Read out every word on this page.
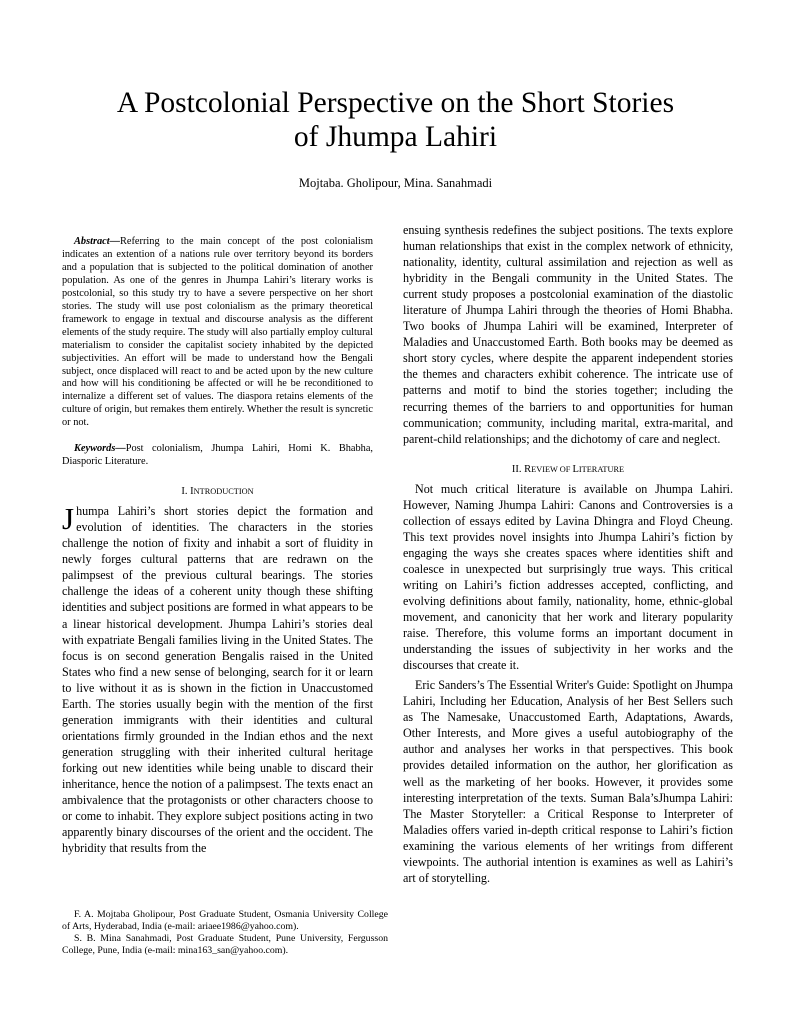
A Postcolonial Perspective on the Short Stories
of Jhumpa Lahiri
Mojtaba. Gholipour, Mina. Sanahmadi

Abstract—Referring to the main concept of the post colonialism indicates an extention of a nations rule over territory beyond its borders and a population that is subjected to the political domination of another population. As one of the genres in Jhumpa Lahiri’s literary works is postcolonial, so this study try to have a severe perspective on her short stories. The study will use post colonialism as the primary theoretical framework to engage in textual and discourse analysis as the different elements of the study require. The study will also partially employ cultural materialism to consider the capitalist society inhabited by the depicted subjectivities. An effort will be made to understand how the Bengali subject, once displaced will react to and be acted upon by the new culture and how will his conditioning be affected or will he be reconditioned to internalize a different set of values. The diaspora retains elements of the culture of origin, but remakes them entirely. Whether the result is syncretic or not.

Keywords—Post colonialism, Jhumpa Lahiri, Homi K. Bhabha, Diasporic Literature.

I. INTRODUCTION

Jhumpa Lahiri’s short stories depict the formation and evolution of identities. The characters in the stories challenge the notion of fixity and inhabit a sort of fluidity in newly forges cultural patterns that are redrawn on the palimpsest of the previous cultural bearings. The stories challenge the ideas of a coherent unity though these shifting identities and subject positions are formed in what appears to be a linear historical development. Jhumpa Lahiri’s stories deal with expatriate Bengali families living in the United States. The focus is on second generation Bengalis raised in the United States who find a new sense of belonging, search for it or learn to live without it as is shown in the fiction in Unaccustomed Earth. The stories usually begin with the mention of the first generation immigrants with their identities and cultural orientations firmly grounded in the Indian ethos and the next generation struggling with their inherited cultural heritage forking out new identities while being unable to discard their inheritance, hence the notion of a palimpsest. The texts enact an ambivalence that the protagonists or other characters choose to or come to inhabit. They explore subject positions acting in two apparently binary discourses of the orient and the occident. The hybridity that results from the

F. A. Mojtaba Gholipour, Post Graduate Student, Osmania University College of Arts, Hyderabad, India (e-mail: ariaee1986@yahoo.com).

S. B. Mina Sanahmadi, Post Graduate Student, Pune University, Fergusson College, Pune, India (e-mail: mina163_san@yahoo.com).

ensuing synthesis redefines the subject positions. The texts explore human relationships that exist in the complex network of ethnicity, nationality, identity, cultural assimilation and rejection as well as hybridity in the Bengali community in the United States. The current study proposes a postcolonial examination of the diastolic literature of Jhumpa Lahiri through the theories of Homi Bhabha. Two books of Jhumpa Lahiri will be examined, Interpreter of Maladies and Unaccustomed Earth. Both books may be deemed as short story cycles, where despite the apparent independent stories the themes and characters exhibit coherence. The intricate use of patterns and motif to bind the stories together; including the recurring themes of the barriers to and opportunities for human communication; community, including marital, extra-marital, and parent-child relationships; and the dichotomy of care and neglect.

II. REVIEW OF LITERATURE

Not much critical literature is available on Jhumpa Lahiri. However, Naming Jhumpa Lahiri: Canons and Controversies is a collection of essays edited by Lavina Dhingra and Floyd Cheung. This text provides novel insights into Jhumpa Lahiri’s fiction by engaging the ways she creates spaces where identities shift and coalesce in unexpected but surprisingly true ways. This critical writing on Lahiri’s fiction addresses accepted, conflicting, and evolving definitions about family, nationality, home, ethnic-global movement, and canonicity that her work and literary popularity raise. Therefore, this volume forms an important document in understanding the issues of subjectivity in her works and the discourses that create it.

Eric Sanders’s The Essential Writer's Guide: Spotlight on Jhumpa Lahiri, Including her Education, Analysis of her Best Sellers such as The Namesake, Unaccustomed Earth, Adaptations, Awards, Other Interests, and More gives a useful autobiography of the author and analyses her works in that perspectives. This book provides detailed information on the author, her glorification as well as the marketing of her books. However, it provides some interesting interpretation of the texts. Suman Bala’sJhumpa Lahiri: The Master Storyteller: a Critical Response to Interpreter of Maladies offers varied in-depth critical response to Lahiri’s fiction examining the various elements of her writings from different viewpoints. The authorial intention is examines as well as Lahiri’s art of storytelling.
